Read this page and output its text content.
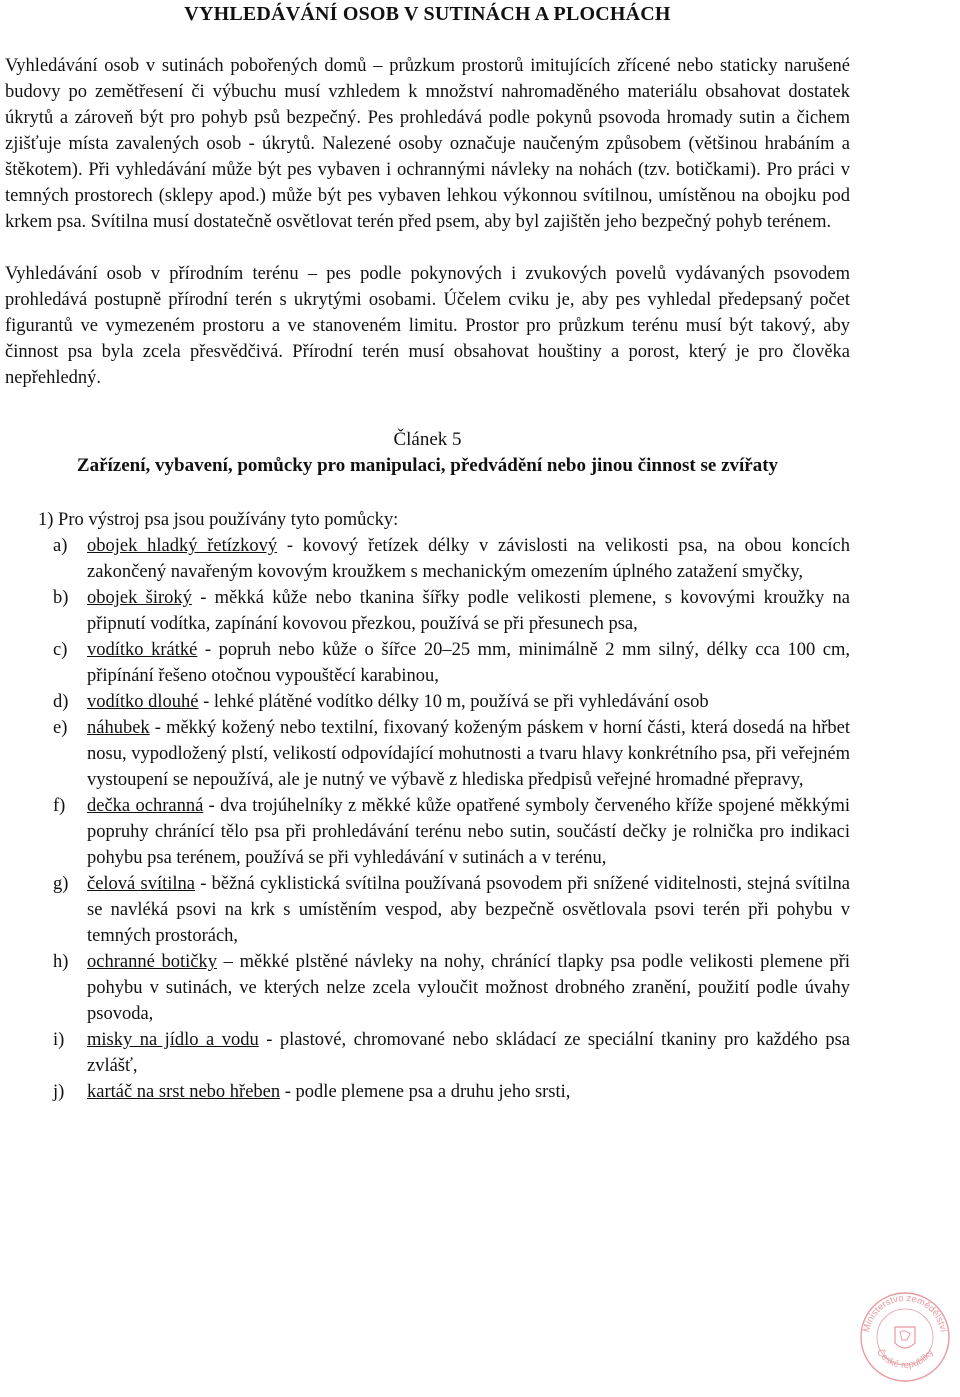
VYHLEDÁVÁNÍ OSOB V SUTINÁCH A PLOCHÁCH

Vyhledávání osob v sutinách pobořených domů – průzkum prostorů imitujících zřícené nebo staticky narušené budovy po zemětřesení či výbuchu musí vzhledem k množství nahromaděného materiálu obsahovat dostatek úkrytů a zároveň být pro pohyb psů bezpečný. Pes prohledává podle pokynů psovoda hromady sutin a čichem zjišťuje místa zavalených osob - úkrytů. Nalezené osoby označuje naučeným způsobem (většinou hrabáním a štěkotem). Při vyhledávání může být pes vybaven i ochrannými návleky na nohách (tzv. botičkami). Pro práci v temných prostorech (sklepy apod.) může být pes vybaven lehkou výkonnou svítilnou, umístěnou na obojku pod krkem psa. Svítilna musí dostatečně osvětlovat terén před psem, aby byl zajištěn jeho bezpečný pohyb terénem.

Vyhledávání osob v přírodním terénu – pes podle pokynových i zvukových povelů vydávaných psovodem prohledává postupně přírodní terén s ukrytými osobami. Účelem cviku je, aby pes vyhledal předepsaný počet figurantů ve vymezeném prostoru a ve stanoveném limitu. Prostor pro průzkum terénu musí být takový, aby činnost psa byla zcela přesvědčivá. Přírodní terén musí obsahovat houštiny a porost, který je pro člověka nepřehledný.

Článek 5

Zařízení, vybavení, pomůcky pro manipulaci, předvádění nebo jinou činnost se zvířaty

1) Pro výstroj psa jsou používány tyto pomůcky:

a) obojek hladký řetízkový - kovový řetízek délky v závislosti na velikosti psa, na obou koncích zakončený navařeným kovovým kroužkem s mechanickým omezením úplného zatažení smyčky,
b) obojek široký - měkká kůže nebo tkanina šířky podle velikosti plemene, s kovovými kroužky na připnutí vodítka, zapínání kovovou přezkou, používá se při přesunech psa,
c) vodítko krátké - popruh nebo kůže o šířce 20–25 mm, minimálně 2 mm silný, délky cca 100 cm, připínání řešeno otočnou vypouštěcí karabinou,
d) vodítko dlouhé - lehké plátěné vodítko délky 10 m, používá se při vyhledávání osob
e) náhubek - měkký kožený nebo textilní, fixovaný koženým páskem v horní části, která dosedá na hřbet nosu, vypodložený plstí, velikostí odpovídající mohutnosti a tvaru hlavy konkrétního psa, při veřejném vystoupení se nepoužívá, ale je nutný ve výbavě z hlediska předpisů veřejné hromadné přepravy,
f) dečka ochranná - dva trojúhelníky z měkké kůže opatřené symboly červeného kříže spojené měkkými popruhy chránící tělo psa při prohledávání terénu nebo sutin, součástí dečky je rolnička pro indikaci pohybu psa terénem, používá se při vyhledávání v sutinách a v terénu,
g) čelová svítilna - běžná cyklistická svítilna používaná psovodem při snížené viditelnosti, stejná svítilna se navléká psovi na krk s umístěním vespod, aby bezpečně osvětlovala psovi terén při pohybu v temných prostorách,
h) ochranné botičky – měkké plstěné návleky na nohy, chránící tlapky psa podle velikosti plemene při pohybu v sutinách, ve kterých nelze zcela vyloučit možnost drobného zranění, použití podle úvahy psovoda,
i) misky na jídlo a vodu - plastové, chromované nebo skládací ze speciální tkaniny pro každého psa zvlášť,
j) kartáč na srst nebo hřeben - podle plemene psa a druhu jeho srsti,
Ministerstvo zemědělství
České republiky
